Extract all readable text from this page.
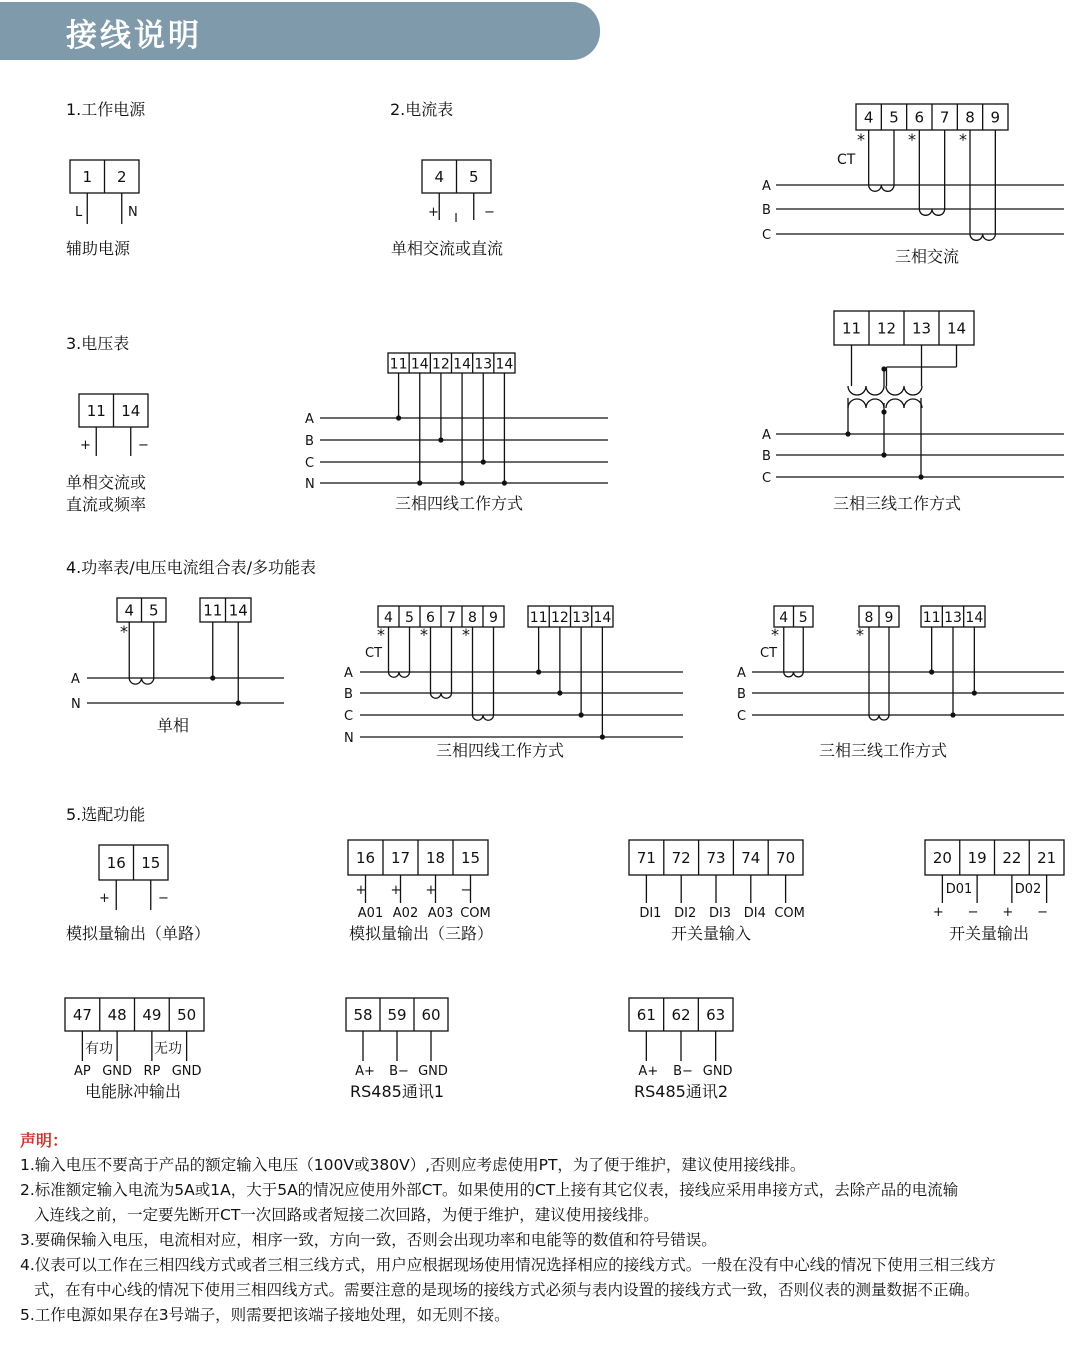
接线说明
1.工作电源	2.电流表
3.电压表
4.功率表/电压电流组合表/多功能表
5.选配功能
1 2
L	N
辅助电源
4 5
+ I −
单相交流或直流
4 5 6 7 8 9
A
B
C
*	*	*
CT
三相交流
11 14
+	−
单相交流或
直流或频率
11 14 12 14 13 14
A
B
C
N
三相四线工作方式
11 12 13 14
A
B
C
三相三线工作方式
4 5	11 14
A
N
*
单相
4 5 6 7 8 9 11 12 13 14
A
B
C
N
* * *
CT
三相四线工作方式
4 5	8 9 11 13 14
A
B
C
*	*
CT
三相三线工作方式
16 15
+	−
模拟量输出（单路）
16 17 18 15
+
A01
+
A02
+
A03
−
COM
模拟量输出（三路）
71 72 73 74 70
DI1 DI2 DI3 DI4 COM
开关量输入
20 19 22 21
D01	D02
+ − + −
开关量输出
47 48 49 50
有功	无功
AP GND RP GND
电能脉冲输出
58 59 60
A+ B− GND
RS485通讯1
61 62 63
A+ B− GND
RS485通讯2
声明：

1.输入电压不要高于产品的额定输入电压（100V或380V）,否则应考虑使用PT，为了便于维护，建议使用接线排。

2.标准额定输入电流为5A或1A，大于5A的情况应使用外部CT。如果使用的CT上接有其它仪表，接线应采用串接方式，去除产品的电流输

入连线之前，一定要先断开CT一次回路或者短接二次回路，为便于维护，建议使用接线排。

3.要确保输入电压，电流相对应，相序一致，方向一致，否则会出现功率和电能等的数值和符号错误。

4.仪表可以工作在三相四线方式或者三相三线方式，用户应根据现场使用情况选择相应的接线方式。一般在没有中心线的情况下使用三相三线方

式，在有中心线的情况下使用三相四线方式。需要注意的是现场的接线方式必须与表内设置的接线方式一致，否则仪表的测量数据不正确。

5.工作电源如果存在3号端子，则需要把该端子接地处理，如无则不接。
